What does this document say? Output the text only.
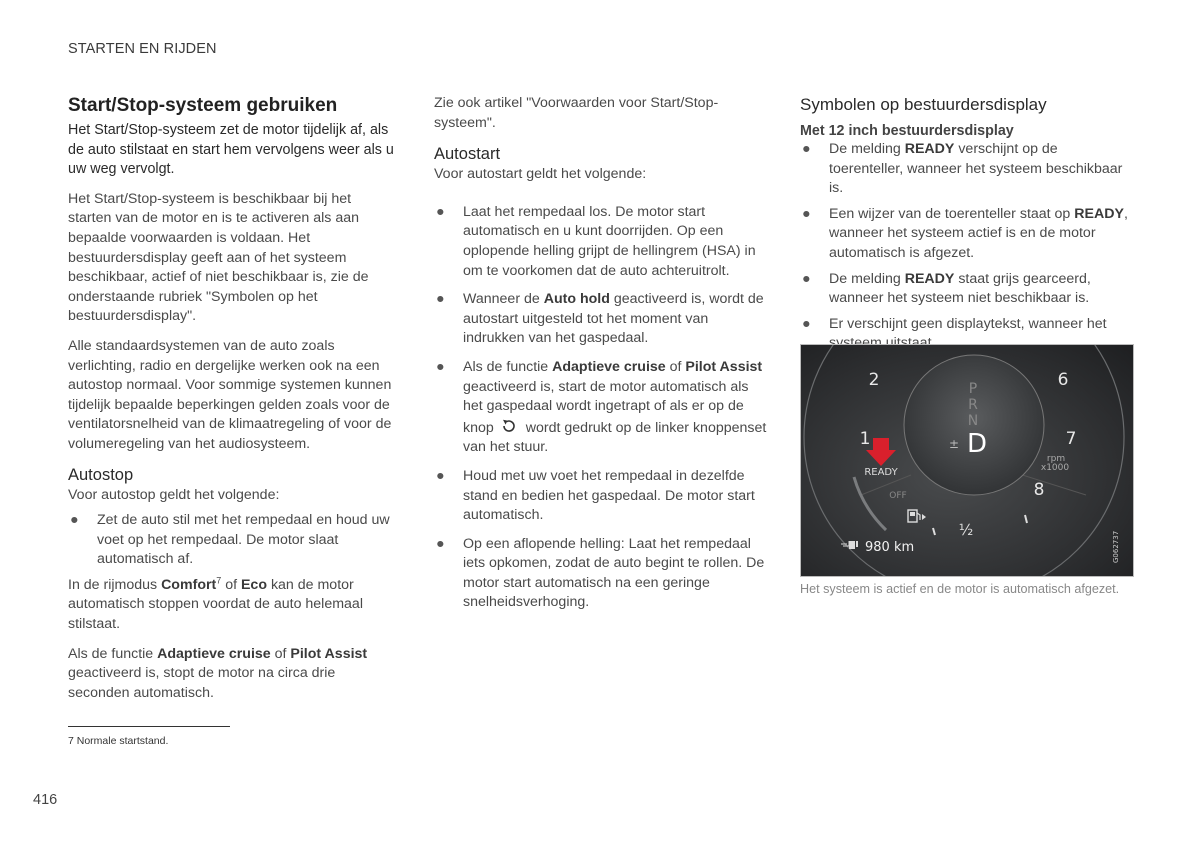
STARTEN EN RIJDEN
Start/Stop-systeem gebruiken
Het Start/Stop-systeem zet de motor tijdelijk af, als de auto stilstaat en start hem vervolgens weer als u uw weg vervolgt.

Het Start/Stop-systeem is beschikbaar bij het starten van de motor en is te activeren als aan bepaalde voorwaarden is voldaan. Het bestuurdersdisplay geeft aan of het systeem beschikbaar, actief of niet beschikbaar is, zie de onderstaande rubriek "Symbolen op het bestuurdersdisplay".

Alle standaardsystemen van de auto zoals verlichting, radio en dergelijke werken ook na een autostop normaal. Voor sommige systemen kunnen tijdelijk bepaalde beperkingen gelden zoals voor de ventilatorsnelheid van de klimaatregeling of voor de volumeregeling van het audiosysteem.

Autostop

Voor autostop geldt het volgende:

● Zet de auto stil met het rempedaal en houd uw voet op het rempedaal. De motor slaat automatisch af.

In de rijmodus Comfort$^7$ of Eco kan de motor automatisch stoppen voordat de auto helemaal stilstaat.

Als de functie Adaptieve cruise of Pilot Assist geactiveerd is, stopt de motor na circa drie seconden automatisch.

Zie ook artikel "Voorwaarden voor Start/Stop-systeem".

Autostart

Voor autostart geldt het volgende:

● Laat het rempedaal los. De motor start automatisch en u kunt doorrijden. Op een oplopende helling grijpt de hellingrem (HSA) in om te voorkomen dat de auto achteruitrolt.
● Wanneer de Auto hold geactiveerd is, wordt de autostart uitgesteld tot het moment van indrukken van het gaspedaal.
● Als de functie Adaptieve cruise of Pilot Assist geactiveerd is, start de motor automatisch als het gaspedaal wordt ingetrapt of als er op de knop wordt gedrukt op de linker knoppenset van het stuur.
● Houd met uw voet het rempedaal in dezelfde stand en bedien het gaspedaal. De motor start automatisch.
● Op een aflopende helling: Laat het rempedaal iets opkomen, zodat de auto begint te rollen. De motor start automatisch na een geringe snelheidsverhoging.
Symbolen op bestuurdersdisplay
Met 12 inch bestuurdersdisplay
● De melding READY verschijnt op de toerenteller, wanneer het systeem beschikbaar is.
● Een wijzer van de toerenteller staat op READY, wanneer het systeem actief is en de motor automatisch is afgezet.
● De melding READY staat grijs gearceerd, wanneer het systeem niet beschikbaar is.
● Er verschijnt geen displaytekst, wanneer het
P
R
N
D
±
2	6
1	7
8
½
rpm
x1000
READY
OFF
980 km	G062737
Het systeem is actief en de motor is automatisch afgezet.
7 Normale startstand.
416
